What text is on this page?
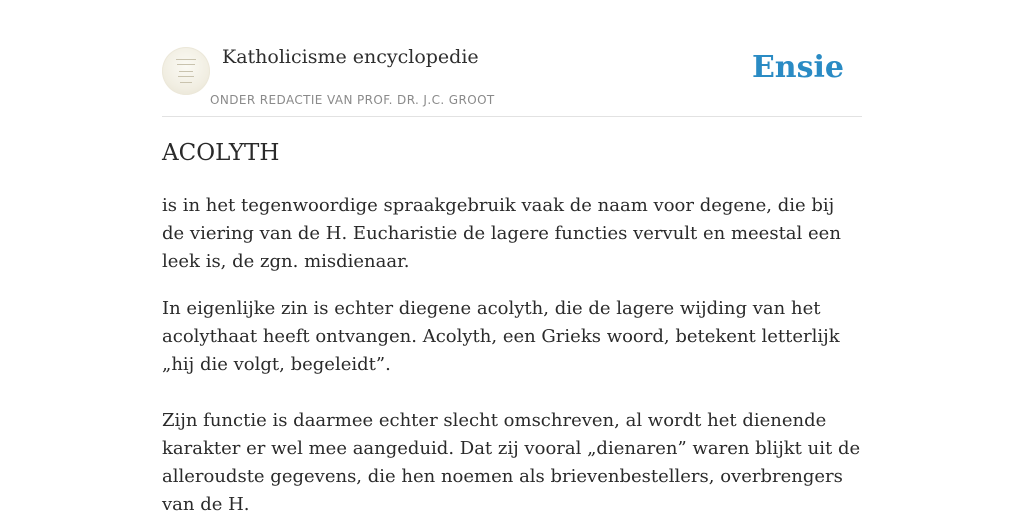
Katholicisme encyclopedie
ONDER REDACTIE VAN PROF. DR. J.C. GROOT
Ensie
ACOLYTH

is in het tegenwoordige spraakgebruik vaak de naam voor degene, die bij de viering van de H. Eucharistie de lagere functies vervult en meestal een leek is, de zgn. misdienaar.

In eigenlijke zin is echter diegene acolyth, die de lagere wijding van het acolythaat heeft ontvangen. Acolyth, een Grieks woord, betekent letterlijk „hij die volgt, begeleidt”.

Zijn functie is daarmee echter slecht omschreven, al wordt het dienende karakter er wel mee aangeduid. Dat zij vooral „dienaren” waren blijkt uit de alleroudste gegevens, die hen noemen als brievenbestellers, overbrengers van de H.
